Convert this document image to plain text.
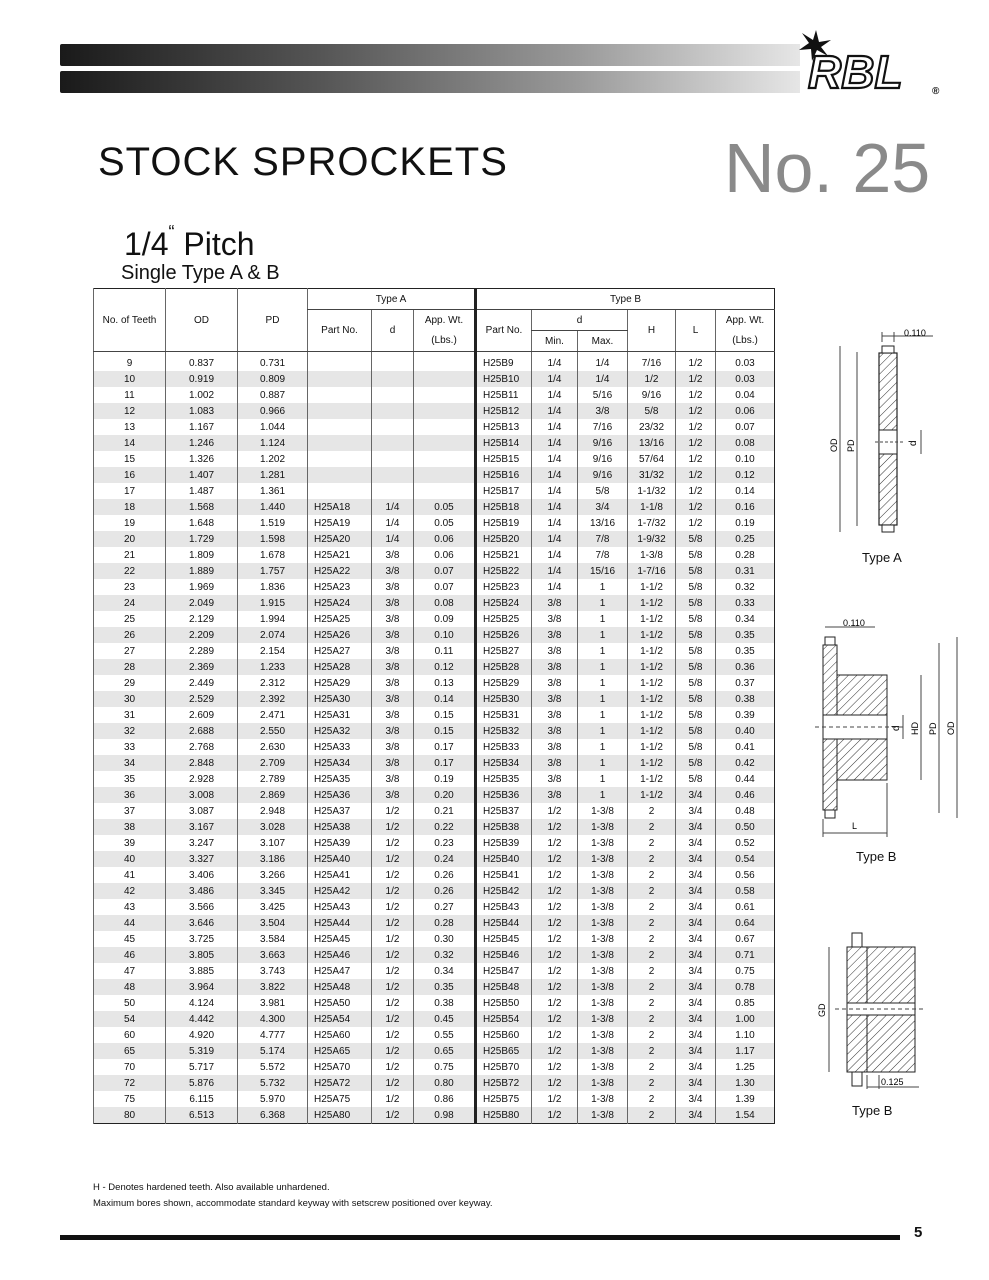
RBL	®
STOCK SPROCKETS	No. 25
1/4“ Pitch
Single Type A & B
No. of Teeth	OD	PD	Type A			Type B					
			Part No.	d	App. Wt.	Part No.	d		H	L	App. Wt.
					(Lbs.)		Min.	Max.			(Lbs.)
9	0.837	0.731				H25B9	1/4	1/4	7/16	1/2	0.03
10	0.919	0.809				H25B10	1/4	1/4	1/2	1/2	0.03
11	1.002	0.887				H25B11	1/4	5/16	9/16	1/2	0.04
12	1.083	0.966				H25B12	1/4	3/8	5/8	1/2	0.06
13	1.167	1.044				H25B13	1/4	7/16	23/32	1/2	0.07
14	1.246	1.124				H25B14	1/4	9/16	13/16	1/2	0.08
15	1.326	1.202				H25B15	1/4	9/16	57/64	1/2	0.10
16	1.407	1.281				H25B16	1/4	9/16	31/32	1/2	0.12
17	1.487	1.361				H25B17	1/4	5/8	1-1/32	1/2	0.14
18	1.568	1.440	H25A18	1/4	0.05	H25B18	1/4	3/4	1-1/8	1/2	0.16
19	1.648	1.519	H25A19	1/4	0.05	H25B19	1/4	13/16	1-7/32	1/2	0.19
20	1.729	1.598	H25A20	1/4	0.06	H25B20	1/4	7/8	1-9/32	5/8	0.25
21	1.809	1.678	H25A21	3/8	0.06	H25B21	1/4	7/8	1-3/8	5/8	0.28
22	1.889	1.757	H25A22	3/8	0.07	H25B22	1/4	15/16	1-7/16	5/8	0.31
23	1.969	1.836	H25A23	3/8	0.07	H25B23	1/4	1	1-1/2	5/8	0.32
24	2.049	1.915	H25A24	3/8	0.08	H25B24	3/8	1	1-1/2	5/8	0.33
25	2.129	1.994	H25A25	3/8	0.09	H25B25	3/8	1	1-1/2	5/8	0.34
26	2.209	2.074	H25A26	3/8	0.10	H25B26	3/8	1	1-1/2	5/8	0.35
27	2.289	2.154	H25A27	3/8	0.11	H25B27	3/8	1	1-1/2	5/8	0.35
28	2.369	1.233	H25A28	3/8	0.12	H25B28	3/8	1	1-1/2	5/8	0.36
29	2.449	2.312	H25A29	3/8	0.13	H25B29	3/8	1	1-1/2	5/8	0.37
30	2.529	2.392	H25A30	3/8	0.14	H25B30	3/8	1	1-1/2	5/8	0.38
31	2.609	2.471	H25A31	3/8	0.15	H25B31	3/8	1	1-1/2	5/8	0.39
32	2.688	2.550	H25A32	3/8	0.15	H25B32	3/8	1	1-1/2	5/8	0.40
33	2.768	2.630	H25A33	3/8	0.17	H25B33	3/8	1	1-1/2	5/8	0.41
34	2.848	2.709	H25A34	3/8	0.17	H25B34	3/8	1	1-1/2	5/8	0.42
35	2.928	2.789	H25A35	3/8	0.19	H25B35	3/8	1	1-1/2	5/8	0.44
36	3.008	2.869	H25A36	3/8	0.20	H25B36	3/8	1	1-1/2	3/4	0.46
37	3.087	2.948	H25A37	1/2	0.21	H25B37	1/2	1-3/8	2	3/4	0.48
38	3.167	3.028	H25A38	1/2	0.22	H25B38	1/2	1-3/8	2	3/4	0.50
39	3.247	3.107	H25A39	1/2	0.23	H25B39	1/2	1-3/8	2	3/4	0.52
40	3.327	3.186	H25A40	1/2	0.24	H25B40	1/2	1-3/8	2	3/4	0.54
41	3.406	3.266	H25A41	1/2	0.26	H25B41	1/2	1-3/8	2	3/4	0.56
42	3.486	3.345	H25A42	1/2	0.26	H25B42	1/2	1-3/8	2	3/4	0.58
43	3.566	3.425	H25A43	1/2	0.27	H25B43	1/2	1-3/8	2	3/4	0.61
44	3.646	3.504	H25A44	1/2	0.28	H25B44	1/2	1-3/8	2	3/4	0.64
45	3.725	3.584	H25A45	1/2	0.30	H25B45	1/2	1-3/8	2	3/4	0.67
46	3.805	3.663	H25A46	1/2	0.32	H25B46	1/2	1-3/8	2	3/4	0.71
47	3.885	3.743	H25A47	1/2	0.34	H25B47	1/2	1-3/8	2	3/4	0.75
48	3.964	3.822	H25A48	1/2	0.35	H25B48	1/2	1-3/8	2	3/4	0.78
50	4.124	3.981	H25A50	1/2	0.38	H25B50	1/2	1-3/8	2	3/4	0.85
54	4.442	4.300	H25A54	1/2	0.45	H25B54	1/2	1-3/8	2	3/4	1.00
60	4.920	4.777	H25A60	1/2	0.55	H25B60	1/2	1-3/8	2	3/4	1.10
65	5.319	5.174	H25A65	1/2	0.65	H25B65	1/2	1-3/8	2	3/4	1.17
70	5.717	5.572	H25A70	1/2	0.75	H25B70	1/2	1-3/8	2	3/4	1.25
72	5.876	5.732	H25A72	1/2	0.80	H25B72	1/2	1-3/8	2	3/4	1.30
75	6.115	5.970	H25A75	1/2	0.86	H25B75	1/2	1-3/8	2	3/4	1.39
80	6.513	6.368	H25A80	1/2	0.98	H25B80	1/2	1-3/8	2	3/4	1.54
0.110
OD PD	d
Type A
0.110
d HD PD OD
L
Type B
GD
0.125
Type B
H - Denotes hardened teeth. Also available unhardened.
Maximum bores shown, accommodate standard keyway with setscrew positioned over keyway.
5
